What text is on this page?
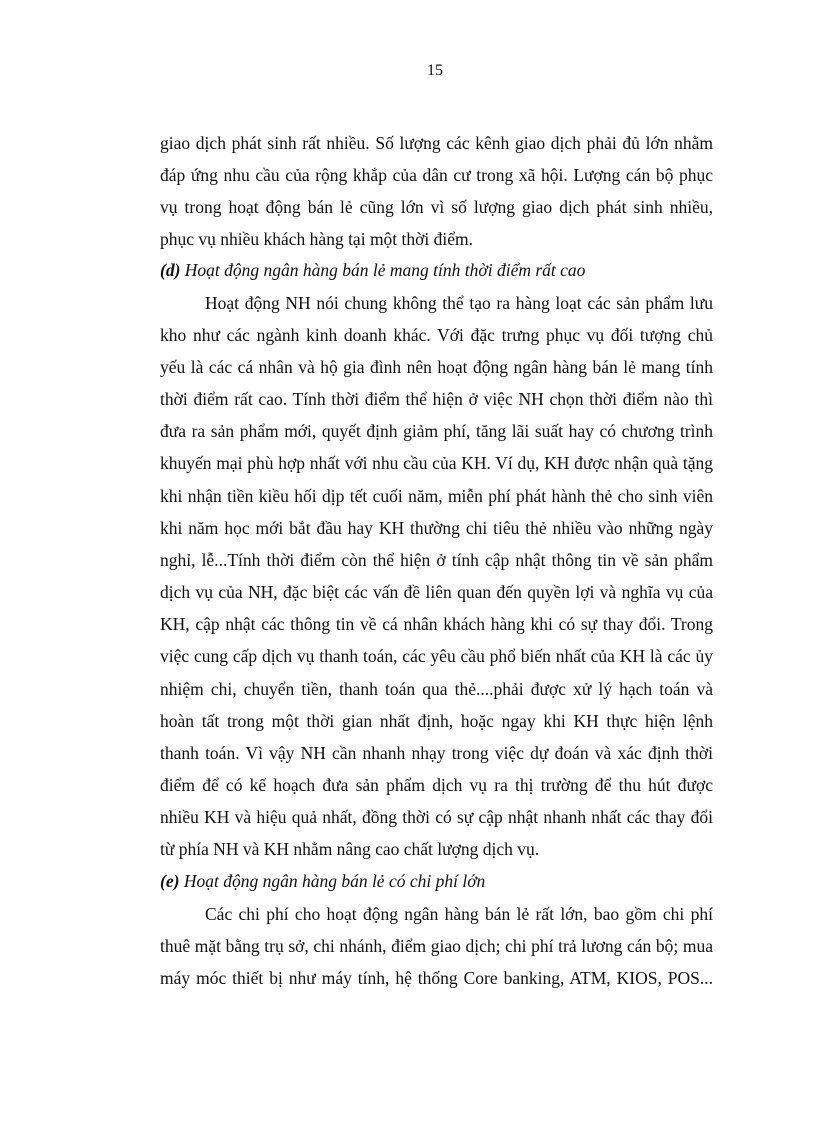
15
giao dịch phát sinh rất nhiều. Số lượng các kênh giao dịch phải đủ lớn nhằm
đáp ứng nhu cầu của rộng khắp của dân cư trong xã hội. Lượng cán bộ phục
vụ trong hoạt động bán lẻ cũng lớn vì số lượng giao dịch phát sinh nhiều,
phục vụ nhiều khách hàng tại một thời điểm.
(d) Hoạt động ngân hàng bán lẻ mang tính thời điểm rất cao
Hoạt động NH nói chung không thể tạo ra hàng loạt các sản phẩm lưu
kho như các ngành kinh doanh khác. Với đặc trưng phục vụ đối tượng chủ
yếu là các cá nhân và hộ gia đình nên hoạt động ngân hàng bán lẻ mang tính
thời điểm rất cao. Tính thời điểm thể hiện ở việc NH chọn thời điểm nào thì
đưa ra sản phẩm mới, quyết định giảm phí, tăng lãi suất hay có chương trình
khuyến mại phù hợp nhất với nhu cầu của KH. Ví dụ, KH được nhận quà tặng
khi nhận tiền kiều hối dịp tết cuối năm, miễn phí phát hành thẻ cho sinh viên
khi năm học mới bắt đầu hay KH thường chi tiêu thẻ nhiều vào những ngày
nghỉ, lễ...Tính thời điểm còn thể hiện ở tính cập nhật thông tin về sản phẩm
dịch vụ của NH, đặc biệt các vấn đề liên quan đến quyền lợi và nghĩa vụ của
KH, cập nhật các thông tin về cá nhân khách hàng khi có sự thay đổi. Trong
việc cung cấp dịch vụ thanh toán, các yêu cầu phổ biến nhất của KH là các ủy
nhiệm chi, chuyển tiền, thanh toán qua thẻ....phải được xử lý hạch toán và
hoàn tất trong một thời gian nhất định, hoặc ngay khi KH thực hiện lệnh
thanh toán. Vì vậy NH cần nhanh nhạy trong việc dự đoán và xác định thời
điểm để có kế hoạch đưa sản phẩm dịch vụ ra thị trường để thu hút được
nhiều KH và hiệu quả nhất, đồng thời có sự cập nhật nhanh nhất các thay đổi
từ phía NH và KH nhằm nâng cao chất lượng dịch vụ.
(e) Hoạt động ngân hàng bán lẻ có chi phí lớn
Các chi phí cho hoạt động ngân hàng bán lẻ rất lớn, bao gồm chi phí
thuê mặt bằng trụ sở, chi nhánh, điểm giao dịch; chi phí trả lương cán bộ; mua
máy móc thiết bị như máy tính, hệ thống Core banking, ATM, KIOS, POS...
